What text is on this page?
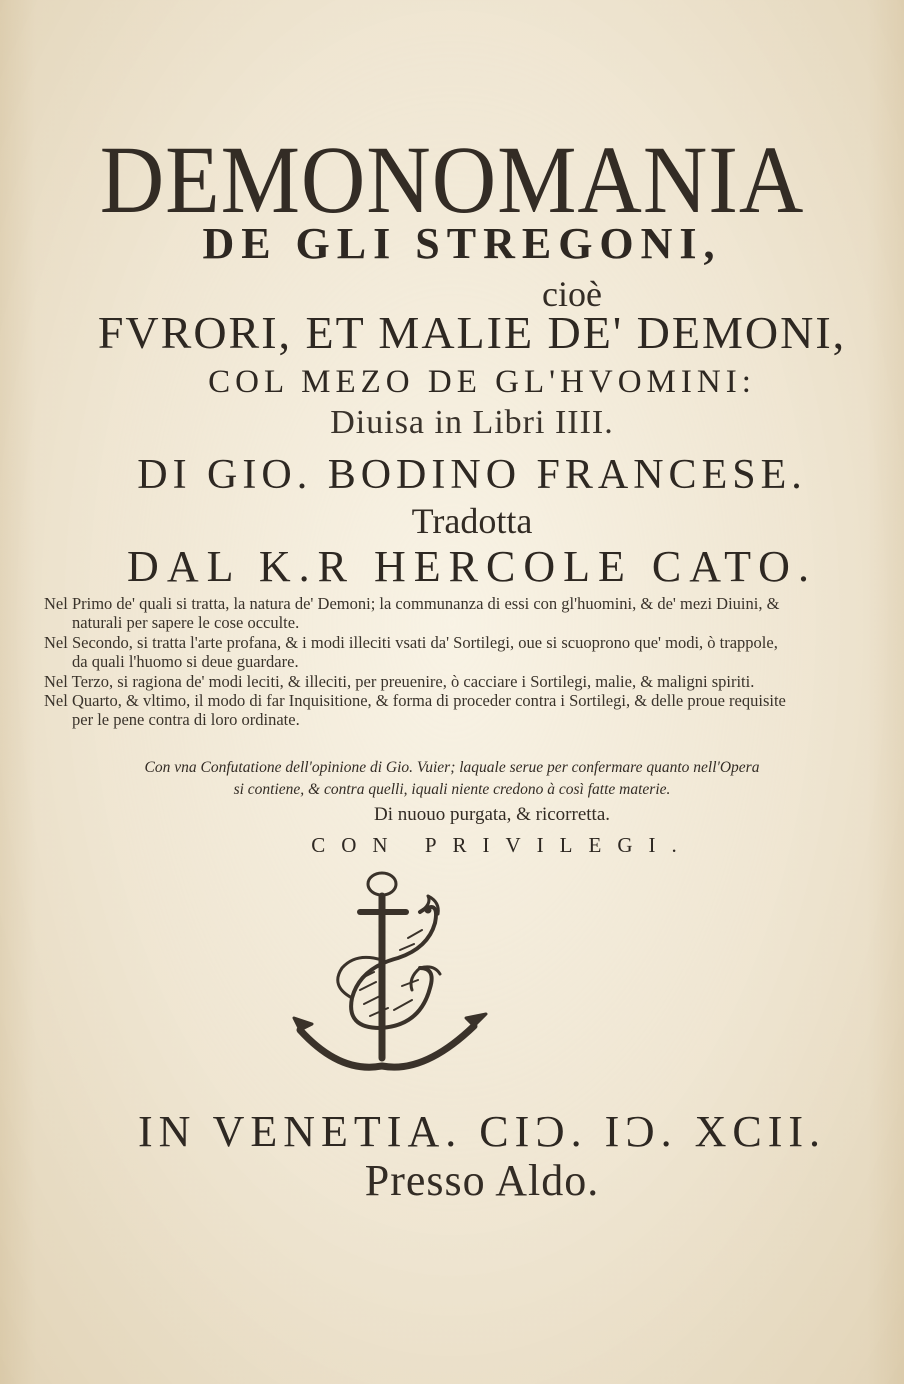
DEMONOMANIA
DE GLI STREGONI,
cioè
FVRORI, ET MALIE DE' DEMONI,
COL MEZO DE GL'HVOMINI:
Diuisa in Libri IIII.
DI GIO. BODINO FRANCESE.
Tradotta
DAL K.R HERCOLE CATO.

Nel Primo de' quali si tratta, la natura de' Demoni; la communanza di essi con gl'huomini, & de' mezi Diuini, & naturali per sapere le cose occulte.

Nel Secondo, si tratta l'arte profana, & i modi illeciti vsati da' Sortilegi, oue si scuoprono que' modi, ò trappole, da quali l'huomo si deue guardare.

Nel Terzo, si ragiona de' modi leciti, & illeciti, per preuenire, ò cacciare i Sortilegi, malie, & maligni spiriti.

Nel Quarto, & vltimo, il modo di far Inquisitione, & forma di proceder contra i Sortilegi, & delle proue requisite per le pene contra di loro ordinate.

Con vna Confutatione dell'opinione di Gio. Vuier; laquale serue per confermare quanto nell'Opera
si contiene, & contra quelli, iquali niente credono à così fatte materie.
Di nuouo purgata, & ricorretta.
CON PRIVILEGI.
IN VENETIA. CIƆ. IƆ. XCII.
Presso Aldo.
